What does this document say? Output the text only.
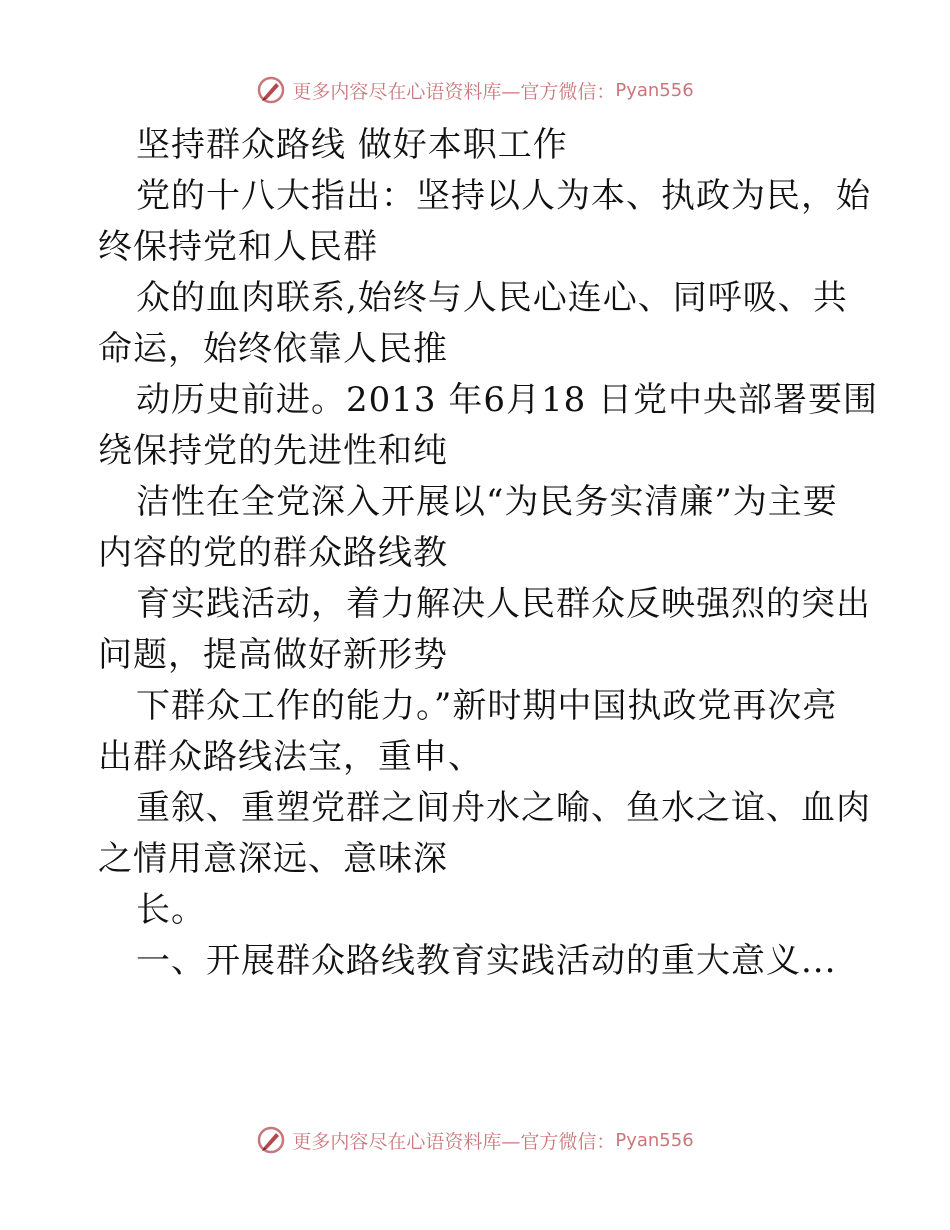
更多内容尽在心语资料库—官方微信： Pyan556
坚持群众路线 做好本职工作
党的十八大指出：坚持以人为本、执政为民，始
终保持党和人民群
众的血肉联系,始终与人民心连心、同呼吸、共
命运，始终依靠人民推
动历史前进。2013 年6月18 日党中央部署要围
绕保持党的先进性和纯
洁性在全党深入开展以“为民务实清廉”为主要
内容的党的群众路线教
育实践活动，着力解决人民群众反映强烈的突出
问题，提高做好新形势
下群众工作的能力。”新时期中国执政党再次亮
出群众路线法宝，重申、
重叙、重塑党群之间舟水之喻、鱼水之谊、血肉
之情用意深远、意味深
长。
一、开展群众路线教育实践活动的重大意义...
更多内容尽在心语资料库—官方微信： Pyan556
